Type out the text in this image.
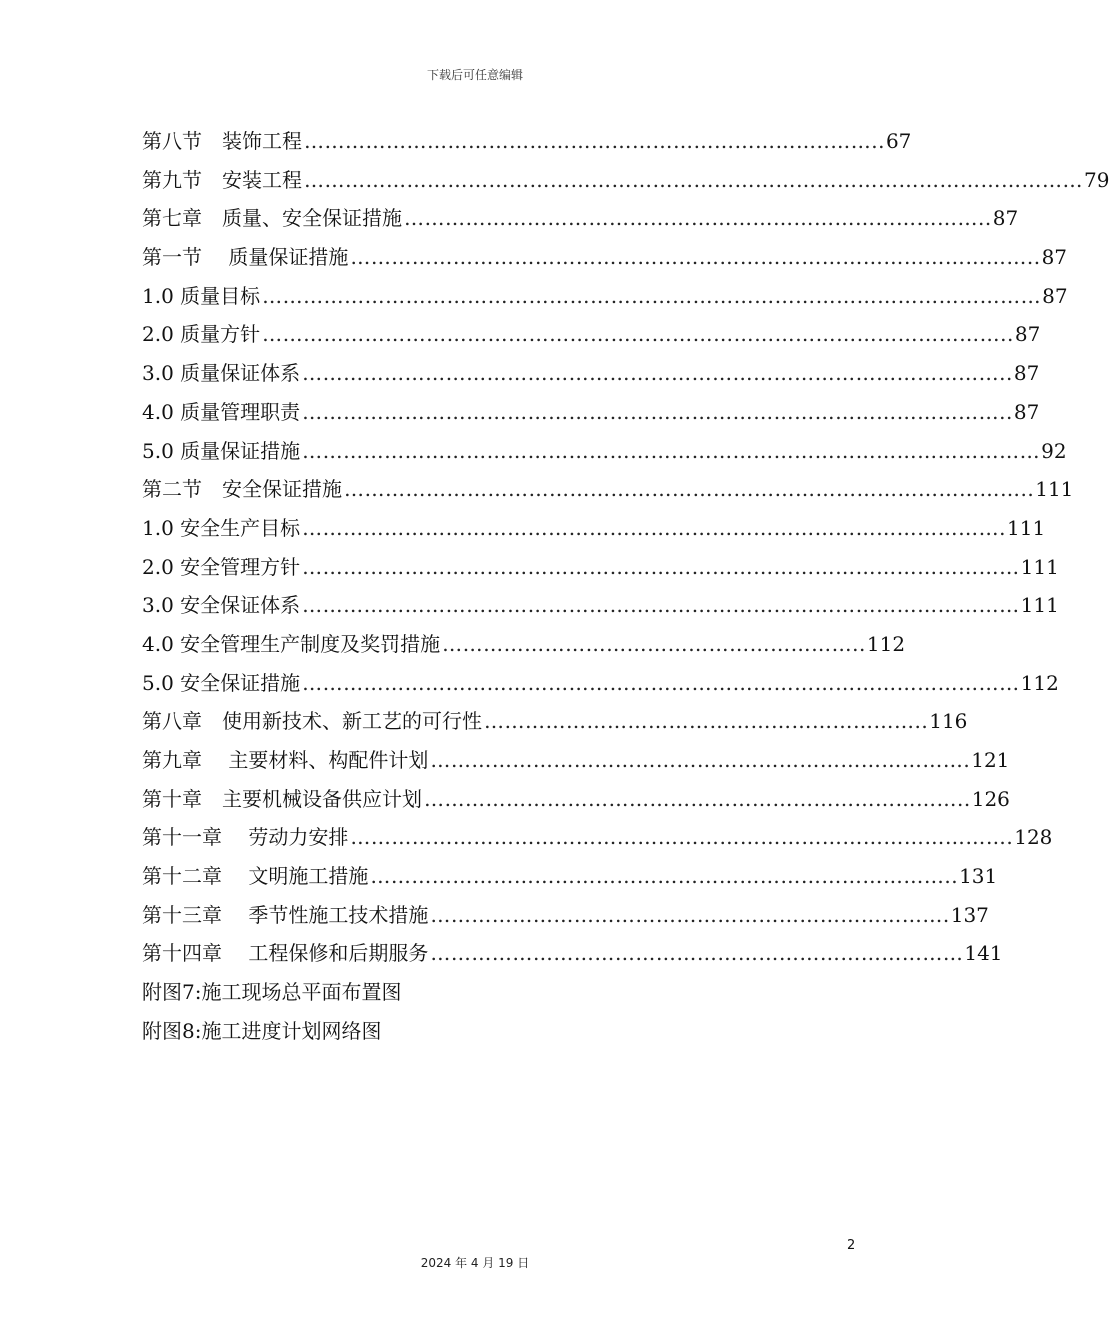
下载后可任意编辑
第八节　装饰工程 …………………………………………………………………..…….. 67
第九节　安装工程 …………………………………………………………………………………………………… 79
第七章　质量、安全保证措施 ………………………………………………………………………….. 87
第一节　 质量保证措施 ……………………………………………………………………………………….. 87
1.0 质量目标 …………………………………………………………………………………………………… 87
2.0 质量方针 ……………………………………………………………………………………………….. 87
3.0 质量保证体系 ………………………………………………………………………………………….. 87
4.0 质量管理职责 ………………………………………………………………………………………….. 87
5.0 质量保证措施 ……………………………………………………………………………………………… 92
第二节　安全保证措施 ……………………………………………………………………………………….. 111
1.0 安全生产目标 …………………………………………………………………………………………. 111
2.0 安全管理方针 …………………………………………………………………………………………… 111
3.0 安全保证体系 …………………………………………………………………………………………… 111
4.0 安全管理生产制度及奖罚措施 …………………………………………………….. 112
5.0 安全保证措施 …………………………………………………………………………………………… 112
第八章　使用新技术、新工艺的可行性 ……………………………………………………….. 116
第九章　 主要材料、构配件计划 ……………………………………………………………………. 121
第十章　主要机械设备供应计划 …………………………………………………………………….. 126
第十一章　 劳动力安排 ……………………………………………………………………………………. 128
第十二章　 文明施工措施 ………………………………………………………………………….. 131
第十三章　 季节性施工技术措施 …………………………………………………………………. 137
第十四章　 工程保修和后期服务 …………………………………………………………………… 141
附图7:施工现场总平面布置图
附图8:施工进度计划网络图
2
2024 年 4 月 19 日
